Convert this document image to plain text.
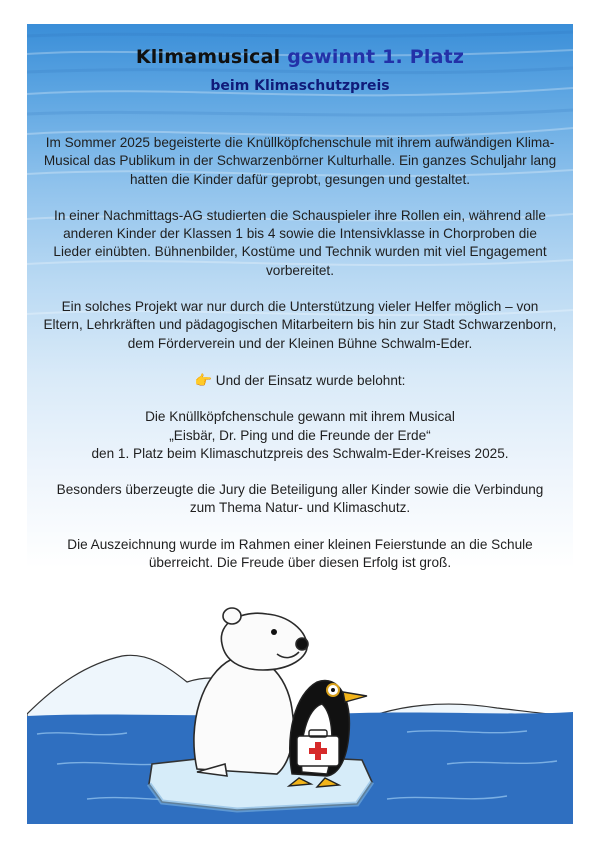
Klimamusical gewinnt 1. Platz
beim Klimaschutzpreis

Im Sommer 2025 begeisterte die Knüllköpfchenschule mit ihrem aufwändigen Klima-Musical das Publikum in der Schwarzenbörner Kulturhalle. Ein ganzes Schuljahr lang hatten die Kinder dafür geprobt, gesungen und gestaltet.

In einer Nachmittags-AG studierten die Schauspieler ihre Rollen ein, während alle anderen Kinder der Klassen 1 bis 4 sowie die Intensivklasse in Chorproben die Lieder einübten. Bühnenbilder, Kostüme und Technik wurden mit viel Engagement vorbereitet.

Ein solches Projekt war nur durch die Unterstützung vieler Helfer möglich – von Eltern, Lehrkräften und pädagogischen Mitarbeitern bis hin zur Stadt Schwarzenborn, dem Förderverein und der Kleinen Bühne Schwalm-Eder.

👉 Und der Einsatz wurde belohnt:

Die Knüllköpfchenschule gewann mit ihrem Musical
„Eisbär, Dr. Ping und die Freunde der Erde“
den 1. Platz beim Klimaschutzpreis des Schwalm-Eder-Kreises 2025.

Besonders überzeugte die Jury die Beteiligung aller Kinder sowie die Verbindung zum Thema Natur- und Klimaschutz.

Die Auszeichnung wurde im Rahmen einer kleinen Feierstunde an die Schule überreicht. Die Freude über diesen Erfolg ist groß.
